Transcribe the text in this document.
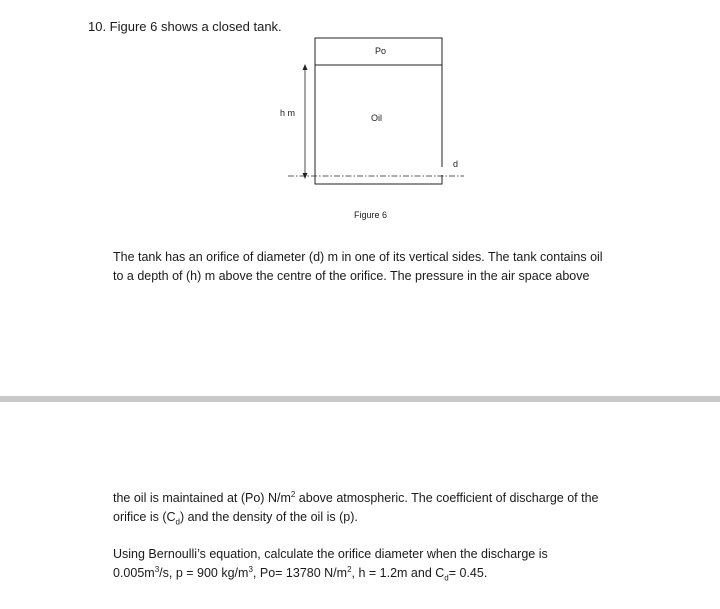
10. Figure 6 shows a closed tank.
Po
h m	Oil
d
Figure 6
The tank has an orifice of diameter (d) m in one of its vertical sides. The tank contains oil
to a depth of (h) m above the centre of the orifice. The pressure in the air space above
the oil is maintained at (Po) $N/m^2$ above atmospheric. The coefficient of discharge of the
orifice is $(C_d)$ and the density of the oil is (p).
Using Bernoulli’s equation, calculate the orifice diameter when the discharge is
$0.005m^3/s$, p = 900 $kg/m^3$, Po= 13780 $N/m^2$, h = 1.2m and $C_d= 0.45$.
